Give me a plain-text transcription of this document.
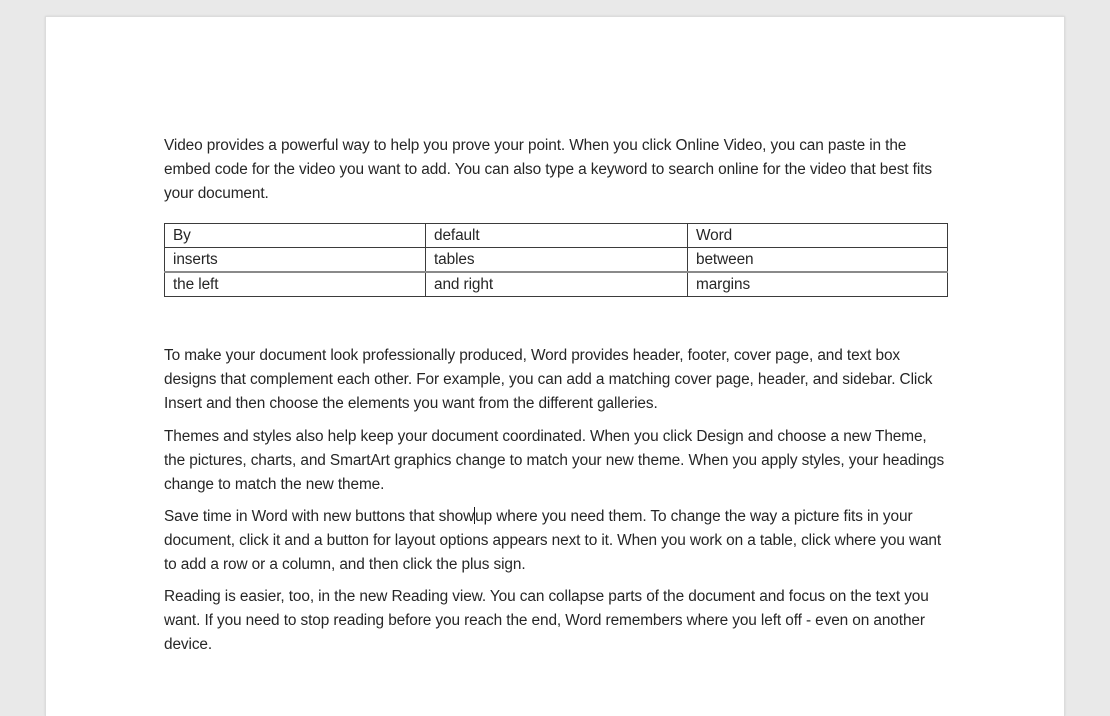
Video provides a powerful way to help you prove your point. When you click Online Video, you can paste in the embed code for the video you want to add. You can also type a keyword to search online for the video that best fits your document.

By	default	Word
inserts	tables	between
the left	and right	margins

To make your document look professionally produced, Word provides header, footer, cover page, and text box designs that complement each other. For example, you can add a matching cover page, header, and sidebar. Click Insert and then choose the elements you want from the different galleries.

Themes and styles also help keep your document coordinated. When you click Design and choose a new Theme, the pictures, charts, and SmartArt graphics change to match your new theme. When you apply styles, your headings change to match the new theme.

Save time in Word with new buttons that showup where you need them. To change the way a picture fits in your document, click it and a button for layout options appears next to it. When you work on a table, click where you want to add a row or a column, and then click the plus sign.

Reading is easier, too, in the new Reading view. You can collapse parts of the document and focus on the text you want. If you need to stop reading before you reach the end, Word remembers where you left off - even on another device.
